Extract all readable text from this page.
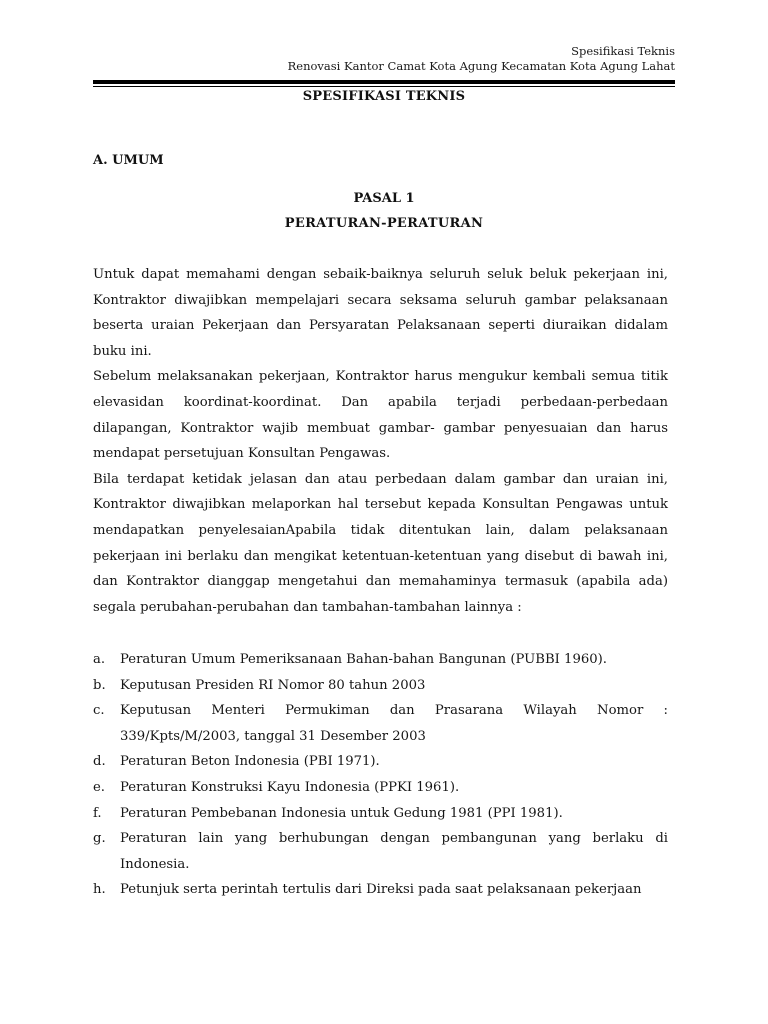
Spesifikasi Teknis
Renovasi Kantor Camat Kota Agung Kecamatan Kota Agung Lahat
SPESIFIKASI TEKNIS
A. UMUM
PASAL 1
PERATURAN-PERATURAN

Untuk dapat memahami dengan sebaik-baiknya seluruh seluk beluk pekerjaan ini, Kontraktor diwajibkan mempelajari secara seksama seluruh gambar pelaksanaan beserta uraian Pekerjaan dan Persyaratan Pelaksanaan seperti diuraikan didalam buku ini.

Sebelum melaksanakan pekerjaan, Kontraktor harus mengukur kembali semua titik elevasidan koordinat-koordinat. Dan apabila terjadi perbedaan-perbedaan dilapangan, Kontraktor wajib membuat gambar- gambar penyesuaian dan harus mendapat persetujuan Konsultan Pengawas.

Bila terdapat ketidak jelasan dan atau perbedaan dalam gambar dan uraian ini, Kontraktor diwajibkan melaporkan hal tersebut kepada Konsultan Pengawas untuk mendapatkan penyelesaianApabila tidak ditentukan lain, dalam pelaksanaan pekerjaan ini berlaku dan mengikat ketentuan-ketentuan yang disebut di bawah ini, dan Kontraktor dianggap mengetahui dan memahaminya termasuk (apabila ada) segala perubahan-perubahan dan tambahan-tambahan lainnya :

a. Peraturan Umum Pemeriksanaan Bahan-bahan Bangunan (PUBBI 1960).
b. Keputusan Presiden RI Nomor 80 tahun 2003
c. Keputusan Menteri Permukiman dan Prasarana Wilayah Nomor : 339/Kpts/M/2003, tanggal 31 Desember 2003
d. Peraturan Beton Indonesia (PBI 1971).
e. Peraturan Konstruksi Kayu Indonesia (PPKI 1961).
f. Peraturan Pembebanan Indonesia untuk Gedung 1981 (PPI 1981).
g. Peraturan lain yang berhubungan dengan pembangunan yang berlaku di Indonesia.
h. Petunjuk serta perintah tertulis dari Direksi pada saat pelaksanaan pekerjaan
